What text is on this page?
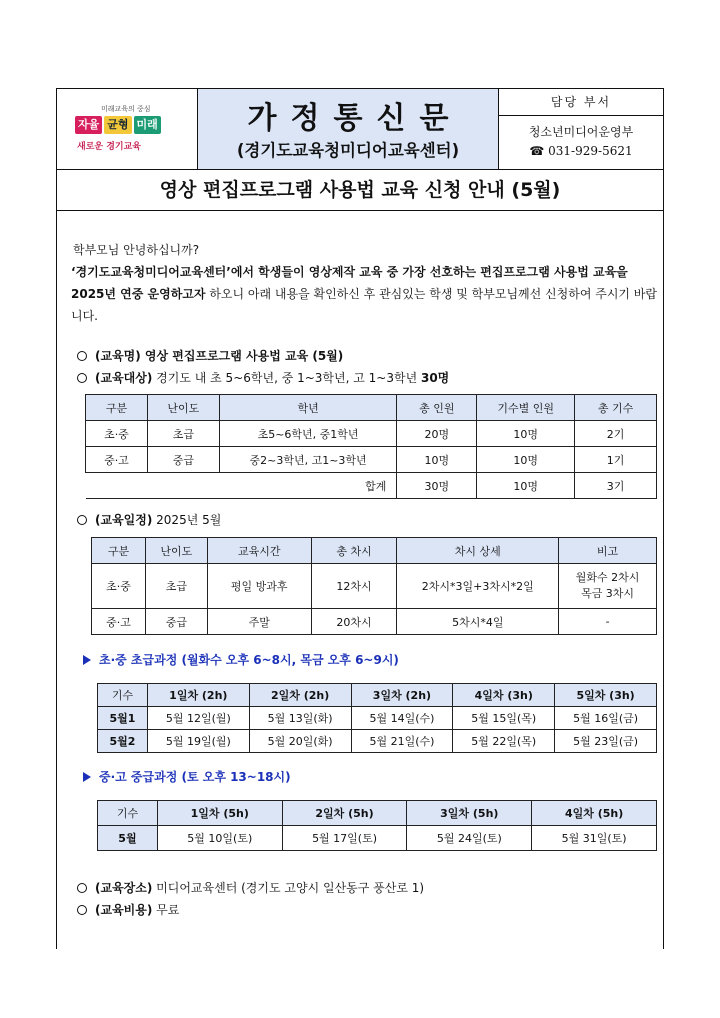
미래교육의 중심
자율 균형 미래
새로운 경기교육
가정통신문
(경기도교육청미디어교육센터)
담당 부서
청소년미디어운영부
☎ 031-929-5621
영상 편집프로그램 사용법 교육 신청 안내 (5월)
학부모님 안녕하십니까?
‘경기도교육청미디어교육센터’에서 학생들이 영상제작 교육 중 가장 선호하는 편집프로그램 사용법 교육을 2025년 연중 운영하고자 하오니 아래 내용을 확인하신 후 관심있는 학생 및 학부모님께선 신청하여 주시기 바랍니다.
(교육명) 영상 편집프로그램 사용법 교육 (5월)
(교육대상) 경기도 내 초 5~6학년, 중 1~3학년, 고 1~3학년 30명
구분	난이도	학년	총 인원	기수별 인원	총 기수
초·중	초급	초5~6학년, 중1학년	20명	10명	2기
중·고	중급	중2~3학년, 고1~3학년	10명	10명	1기
합계			30명	10명	3기
(교육일정) 2025년 5월
구분	난이도	교육시간	총 차시	차시 상세	비고
초·중	초급	평일 방과후	12차시	2차시*3일+3차시*2일	월화수 2차시
목금 3차시
중·고	중급	주말	20차시	5차시*4일	-
초·중 초급과정 (월화수 오후 6~8시, 목금 오후 6~9시)
기수	1일차 (2h)	2일차 (2h)	3일차 (2h)	4일차 (3h)	5일차 (3h)
5월1	5월 12일(월)	5월 13일(화)	5월 14일(수)	5월 15일(목)	5월 16일(금)
5월2	5월 19일(월)	5월 20일(화)	5월 21일(수)	5월 22일(목)	5월 23일(금)
중·고 중급과정 (토 오후 13~18시)
기수	1일차 (5h)	2일차 (5h)	3일차 (5h)	4일차 (5h)
5월	5월 10일(토)	5월 17일(토)	5월 24일(토)	5월 31일(토)
(교육장소) 미디어교육센터 (경기도 고양시 일산동구 풍산로 1)
(교육비용) 무료
